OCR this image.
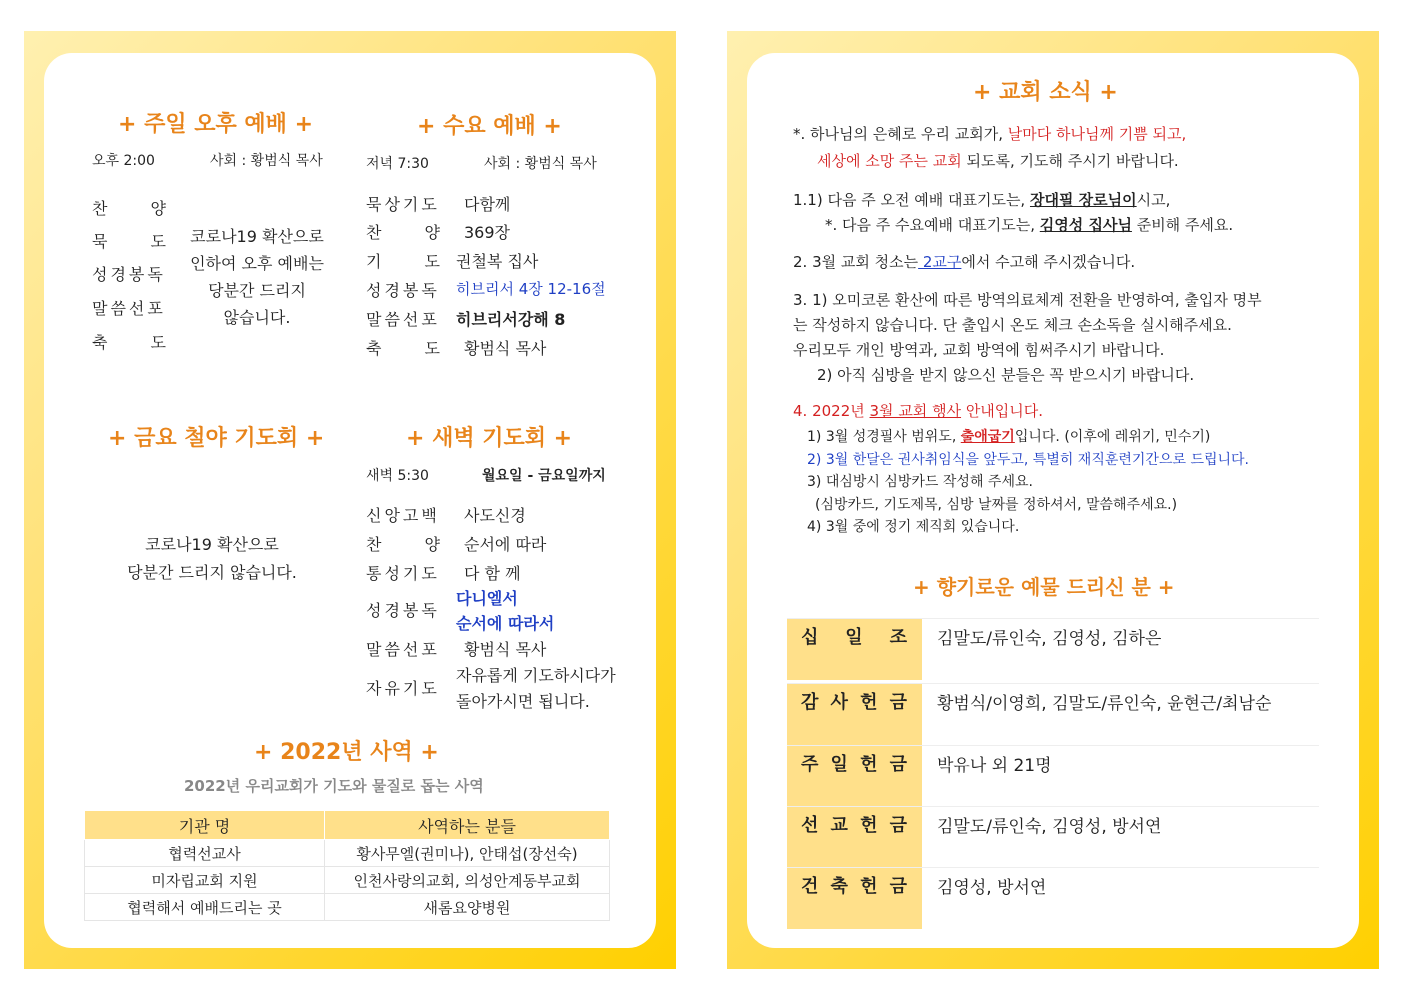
+ 주일 오후 예배 +
오후 2:00	사회 : 황범식 목사
찬	양
묵	도
성경봉독
말씀선포
축	도
코로나19 확산으로
인하여 오후 예배는
당분간 드리지
않습니다.
+ 수요 예배 +
저녁 7:30	사회 : 황범식 목사
묵상기도 다함께
찬	양 369장
기	도 권철복 집사
성경봉독 히브리서 4장 12-16절
말씀선포 히브리서강해 8
축	도 황범식 목사
+ 금요 철야 기도회 +
코로나19 확산으로
당분간 드리지 않습니다.
+ 새벽 기도회 +
새벽 5:30	월요일 - 금요일까지
신앙고백 사도신경
찬	양 순서에 따라
통성기도 다 함 께
성경봉독
다니엘서
순서에 따라서
말씀선포 황범식 목사
자유기도
자유롭게 기도하시다가
돌아가시면 됩니다.
+ 2022년 사역 +
2022년 우리교회가 기도와 물질로 돕는 사역
기관 명	사역하는 분들
협력선교사	황사무엘(권미나), 안태섭(장선숙)
미자립교회 지원	인천사랑의교회, 의성안계동부교회
협력해서 예배드리는 곳	새롬요양병원
+ 교회 소식 +
*. 하나님의 은혜로 우리 교회가, 날마다 하나님께 기쁨 되고,
세상에 소망 주는 교회 되도록, 기도해 주시기 바랍니다.
1.1) 다음 주 오전 예배 대표기도는, 장대필 장로님이시고,
*. 다음 주 수요예배 대표기도는, 김영성 집사님 준비해 주세요.
2. 3월 교회 청소는 2교구에서 수고해 주시겠습니다.
3. 1) 오미코론 환산에 따른 방역의료체계 전환을 반영하여, 출입자 명부
는 작성하지 않습니다. 단 출입시 온도 체크 손소독을 실시해주세요.
우리모두 개인 방역과, 교회 방역에 힘써주시기 바랍니다.
2) 아직 심방을 받지 않으신 분들은 꼭 받으시기 바랍니다.
4. 2022년 3월 교회 행사 안내입니다.
1) 3월 성경필사 범위도, 출애굽기입니다. (이후에 레위기, 민수기)
2) 3월 한달은 권사취임식을 앞두고, 특별히 재직훈련기간으로 드립니다.
3) 대심방시 심방카드 작성해 주세요.
(심방카드, 기도제목, 심방 날짜를 정하셔서, 말씀해주세요.)
4) 3월 중에 정기 제직회 있습니다.
+ 향기로운 예물 드리신 분 +
십 일 조 김말도/류인숙, 김영성, 김하은
감 사 헌 금 황범식/이영희, 김말도/류인숙, 윤현근/최남순
주 일 헌 금 박유나 외 21명
선 교 헌 금 김말도/류인숙, 김영성, 방서연
건 축 헌 금 김영성, 방서연
